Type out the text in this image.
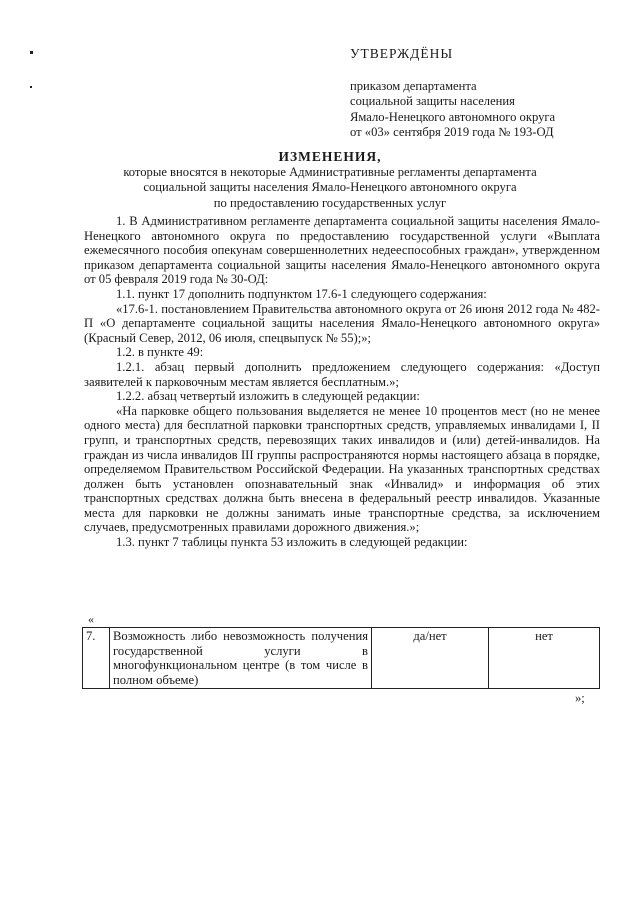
УТВЕРЖДЁНЫ
приказом департамента
социальной защиты населения
Ямало-Ненецкого автономного округа
от «03» сентября 2019 года № 193-ОД
ИЗМЕНЕНИЯ,
которые вносятся в некоторые Административные регламенты департамента
социальной защиты населения Ямало-Ненецкого автономного округа
по предоставлению государственных услуг

1. В Административном регламенте департамента социальной защиты населения Ямало-Ненецкого автономного округа по предоставлению государственной услуги «Выплата ежемесячного пособия опекунам совершеннолетних недееспособных граждан», утвержденном приказом департамента социальной защиты населения Ямало-Ненецкого автономного округа от 05 февраля 2019 года № 30-ОД:

1.1. пункт 17 дополнить подпунктом 17.6-1 следующего содержания:

«17.6-1. постановлением Правительства автономного округа от 26 июня 2012 года № 482-П «О департаменте социальной защиты населения Ямало-Ненецкого автономного округа» (Красный Север, 2012, 06 июля, спецвыпуск № 55);»;

1.2. в пункте 49:

1.2.1. абзац первый дополнить предложением следующего содержания: «Доступ заявителей к парковочным местам является бесплатным.»;

1.2.2. абзац четвертый изложить в следующей редакции:

«На парковке общего пользования выделяется не менее 10 процентов мест (но не менее одного места) для бесплатной парковки транспортных средств, управляемых инвалидами I, II групп, и транспортных средств, перевозящих таких инвалидов и (или) детей-инвалидов. На граждан из числа инвалидов III группы распространяются нормы настоящего абзаца в порядке, определяемом Правительством Российской Федерации. На указанных транспортных средствах должен быть установлен опознавательный знак «Инвалид» и информация об этих транспортных средствах должна быть внесена в федеральный реестр инвалидов. Указанные места для парковки не должны занимать иные транспортные средства, за исключением случаев, предусмотренных правилами дорожного движения.»;

1.3. пункт 7 таблицы пункта 53 изложить в следующей редакции:

«
7.	Возможность либо невозможность получения государственной услуги в многофункциональном центре (в том числе в полном объеме)	да/нет	нет
»;
